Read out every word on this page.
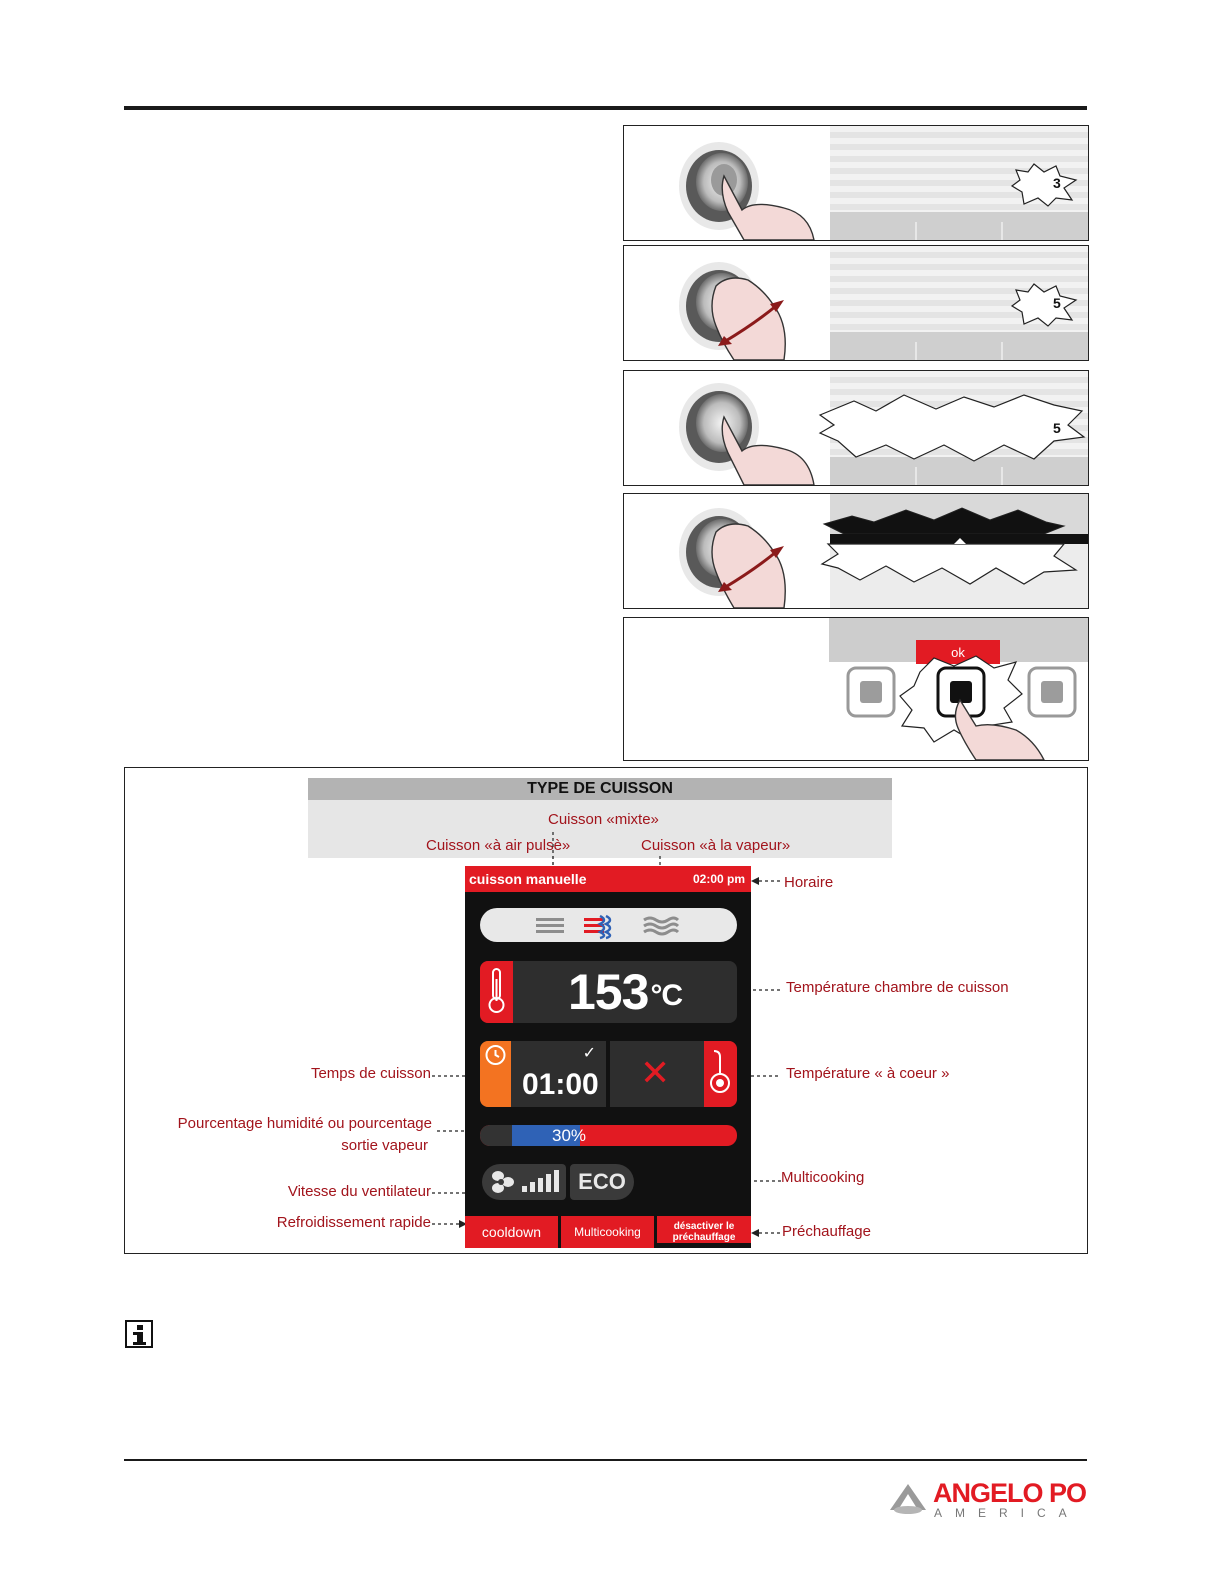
3
5
5
ok
TYPE DE CUISSON
Cuisson «mixte»
Cuisson «à air pulsè»	Cuisson «à la vapeur»
Horaire
Température chambre de cuisson
Temps de cuisson	Température « à coeur »
Pourcentage humidité ou pourcentage
sortie vapeur
Vitesse du ventilateur
Multicooking
Refroidissement rapide
Préchauffage
cuisson manuelle	02:00 pm
$153^{^\circ C}$
✓
01:00 ✕
30%
ECO
cooldown	Multicooking	désactiver le
préchauffage
ANGELO PO
AMERICA
